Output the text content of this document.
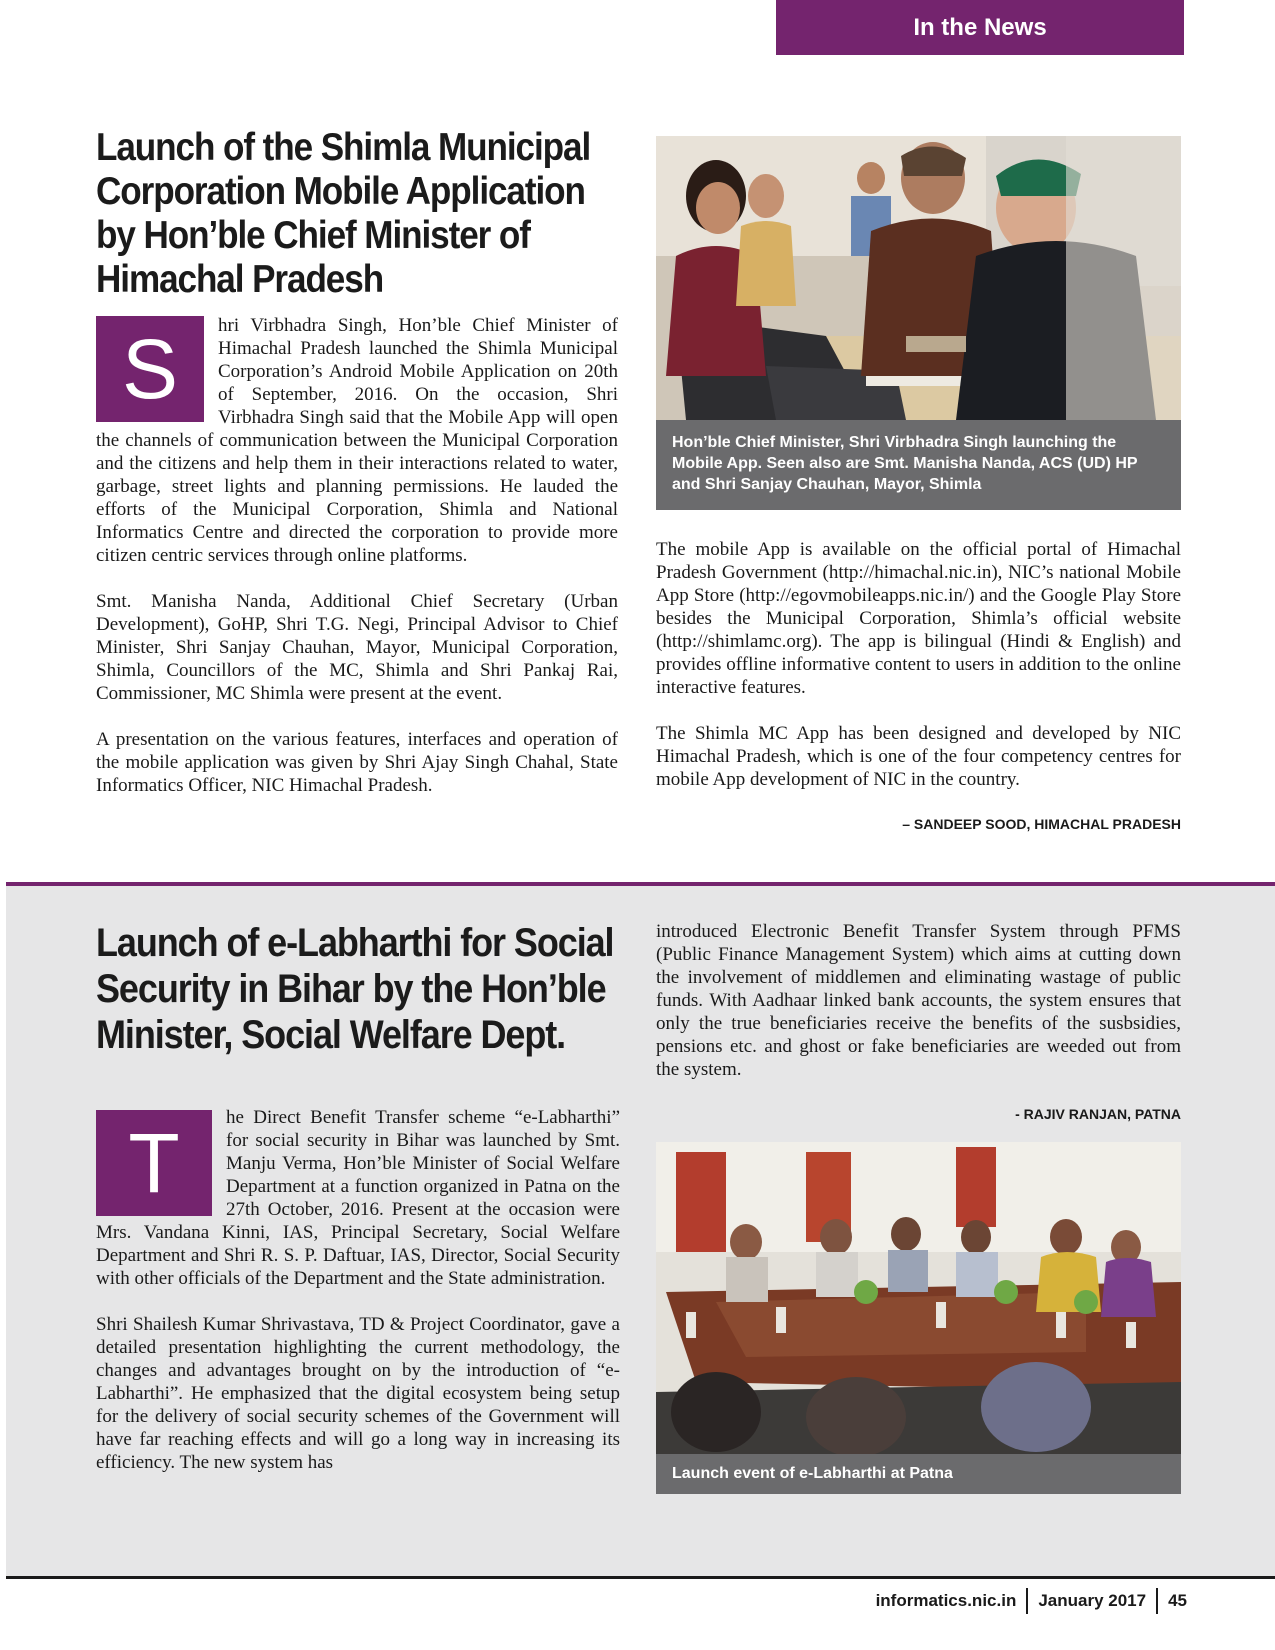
In the News
Launch of the Shimla Municipal Corporation Mobile Application by Hon’ble Chief Minister of Himachal Pradesh

S	hri Virbhadra Singh, Hon’ble Chief Minister of Himachal Pradesh launched the Shimla Municipal Corporation’s Android Mobile Application on 20th of September, 2016. On the occasion, Shri Virbhadra Singh said that the Mobile App will open the channels of communication between the Municipal Corporation and the citizens and help them in their interactions related to water, garbage, street lights and planning permissions. He lauded the efforts of the Municipal Corporation, Shimla and National Informatics Centre and directed the corporation to provide more citizen centric services through online platforms.

Smt. Manisha Nanda, Additional Chief Secretary (Urban Development), GoHP, Shri T.G. Negi, Principal Advisor to Chief Minister, Shri Sanjay Chauhan, Mayor, Municipal Corporation, Shimla, Councillors of the MC, Shimla and Shri Pankaj Rai, Commissioner, MC Shimla were present at the event.

A presentation on the various features, interfaces and operation of the mobile application was given by Shri Ajay Singh Chahal, State Informatics Officer, NIC Himachal Pradesh.

Hon’ble Chief Minister, Shri Virbhadra Singh launching the Mobile App. Seen also are Smt. Manisha Nanda, ACS (UD) HP and Shri Sanjay Chauhan, Mayor, Shimla

The mobile App is available on the official portal of Himachal Pradesh Government (http://himachal.nic.in), NIC’s national Mobile App Store (http://egovmobileapps.nic.in/) and the Google Play Store besides the Municipal Corporation, Shimla’s official website (http://shimlamc.org). The app is bilingual (Hindi & English) and provides offline informative content to users in addition to the online interactive features.

The Shimla MC App has been designed and developed by NIC Himachal Pradesh, which is one of the four competency centres for mobile App development of NIC in the country.

– SANDEEP SOOD, HIMACHAL PRADESH
Launch of e-Labharthi for Social Security in Bihar by the Hon’ble Minister, Social Welfare Dept.

T	he Direct Benefit Transfer scheme “e-Labharthi” for social security in Bihar was launched by Smt. Manju Verma, Hon’ble Minister of Social Welfare Department at a function organized in Patna on the 27th October, 2016. Present at the occasion were Mrs. Vandana Kinni, IAS, Principal Secretary, Social Welfare Department and Shri R. S. P. Daftuar, IAS, Director, Social Security with other officials of the Department and the State administration.

Shri Shailesh Kumar Shrivastava, TD & Project Coordinator, gave a detailed presentation highlighting the current methodology, the changes and advantages brought on by the introduction of “e-Labharthi”. He emphasized that the digital ecosystem being setup for the delivery of social security schemes of the Government will have far reaching effects and will go a long way in increasing its efficiency. The new system has

introduced Electronic Benefit Transfer System through PFMS (Public Finance Management System) which aims at cutting down the involvement of middlemen and eliminating wastage of public funds. With Aadhaar linked bank accounts, the system ensures that only the true beneficiaries receive the benefits of the susbsidies, pensions etc. and ghost or fake beneficiaries are weeded out from the system.

- RAJIV RANJAN, PATNA
Launch event of e-Labharthi at Patna
informatics.nic.in January 2017 45
